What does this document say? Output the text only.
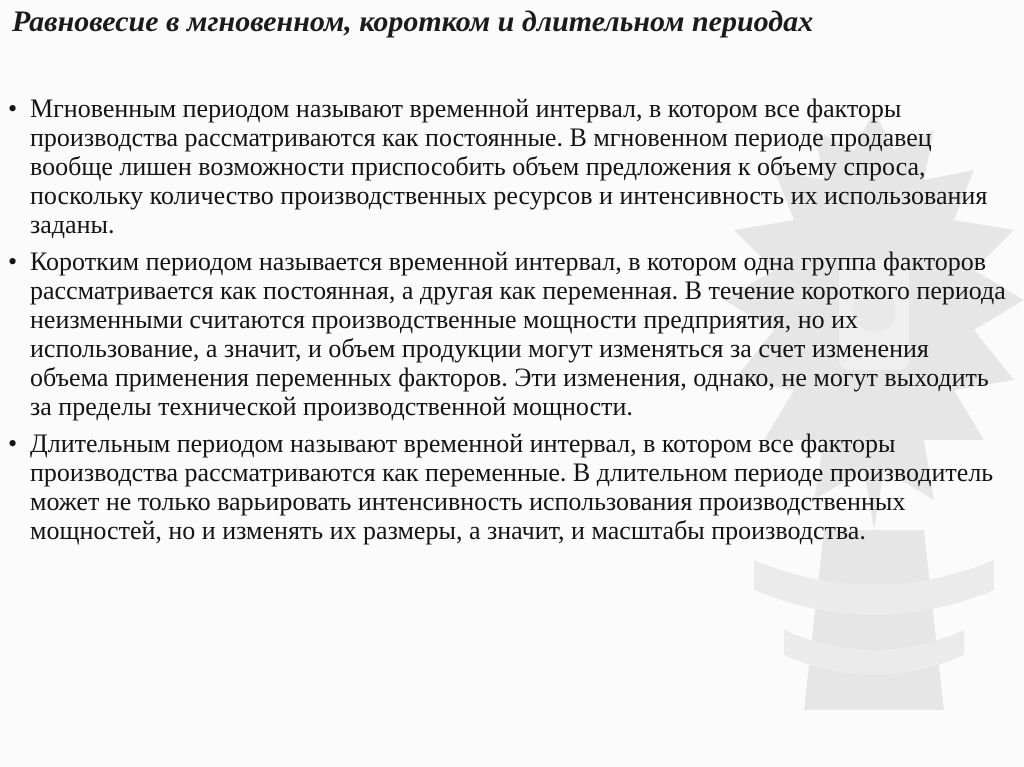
Равновесие в мгновенном, коротком и длительном периодах
• Мгновенным периодом называют временной интервал, в котором все факторы производства рассматриваются как постоянные. В мгновенном периоде продавец вообще лишен возможности приспособить объем предложения к объему спроса, поскольку количество производственных ресурсов и интенсивность их использования заданы.
• Коротким периодом называется временной интервал, в котором одна группа факторов рассматривается как постоянная, а другая как переменная. В течение короткого периода неизменными считаются производственные мощности предприятия, но их использование, а значит, и объем продукции могут изменяться за счет изменения объема применения переменных факторов. Эти изменения, однако, не могут выходить за пределы технической производственной мощности.
• Длительным периодом называют временной интервал, в котором все факторы производства рассматриваются как переменные. В длительном периоде производитель может не только варьировать интенсивность использования производственных мощностей, но и изменять их размеры, а значит, и масштабы производства.
